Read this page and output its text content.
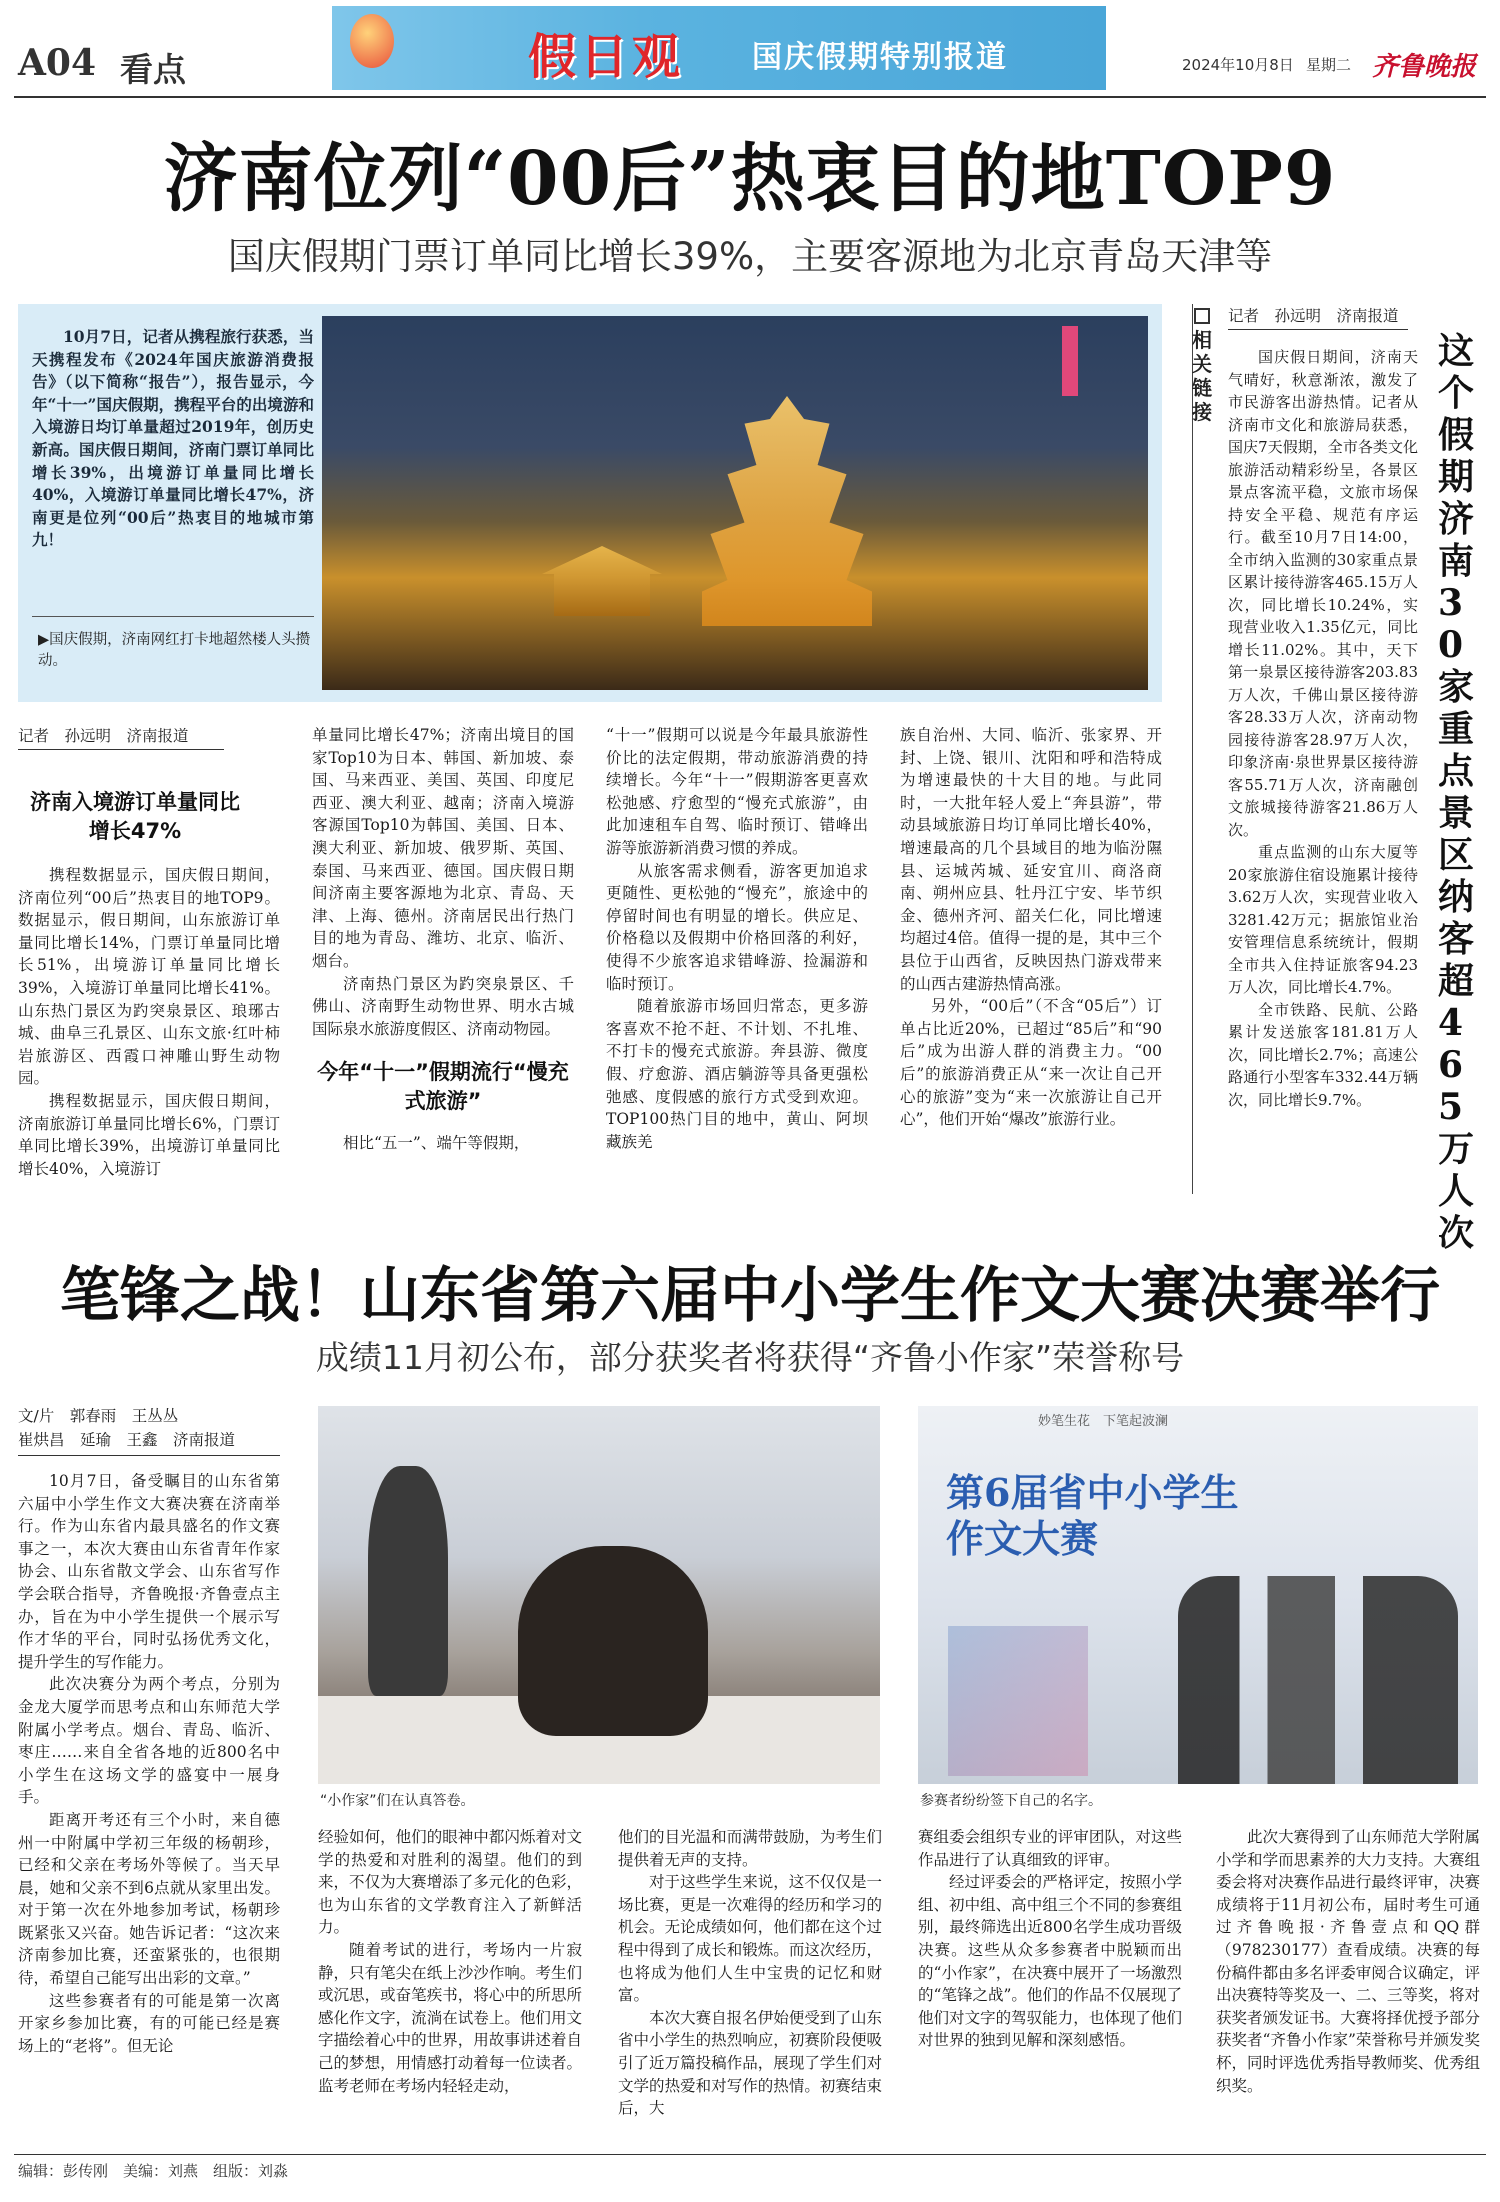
A04 看点	假日观 国庆假期特别报道	2024年10月8日 星期二 齐鲁晚报
济南位列“00后”热衷目的地TOP9
国庆假期门票订单同比增长39%，主要客源地为北京青岛天津等

10月7日，记者从携程旅行获悉，当天携程发布《2024年国庆旅游消费报告》（以下简称“报告”），报告显示，今年“十一”国庆假期，携程平台的出境游和入境游日均订单量超过2019年，创历史新高。国庆假日期间，济南门票订单同比增长39%，出境游订单量同比增长40%，入境游订单量同比增长47%，济南更是位列“00后”热衷目的地城市第九！

▶国庆假期，济南网红打卡地超然楼人头攒动。

记者　孙远明　济南报道
济南入境游订单量同比增长47%

携程数据显示，国庆假日期间，济南位列“00后”热衷目的地TOP9。数据显示，假日期间，山东旅游订单量同比增长14%，门票订单量同比增长51%，出境游订单量同比增长39%，入境游订单量同比增长41%。山东热门景区为趵突泉景区、琅琊古城、曲阜三孔景区、山东文旅·红叶柿岩旅游区、西霞口神雕山野生动物园。

携程数据显示，国庆假日期间，济南旅游订单量同比增长6%，门票订单同比增长39%，出境游订单量同比增长40%，入境游订

单量同比增长47%；济南出境目的国家Top10为日本、韩国、新加坡、泰国、马来西亚、美国、英国、印度尼西亚、澳大利亚、越南；济南入境游客源国Top10为韩国、美国、日本、澳大利亚、新加坡、俄罗斯、英国、泰国、马来西亚、德国。国庆假日期间济南主要客源地为北京、青岛、天津、上海、德州。济南居民出行热门目的地为青岛、潍坊、北京、临沂、烟台。

济南热门景区为趵突泉景区、千佛山、济南野生动物世界、明水古城国际泉水旅游度假区、济南动物园。

今年“十一”假期流行“慢充式旅游”

相比“五一”、端午等假期，

“十一”假期可以说是今年最具旅游性价比的法定假期，带动旅游消费的持续增长。今年“十一”假期游客更喜欢松弛感、疗愈型的“慢充式旅游”，由此加速租车自驾、临时预订、错峰出游等旅游新消费习惯的养成。

从旅客需求侧看，游客更加追求更随性、更松弛的“慢充”，旅途中的停留时间也有明显的增长。供应足、价格稳以及假期中价格回落的利好，使得不少旅客追求错峰游、捡漏游和临时预订。

随着旅游市场回归常态，更多游客喜欢不抢不赶、不计划、不扎堆、不打卡的慢充式旅游。奔县游、微度假、疗愈游、酒店躺游等具备更强松弛感、度假感的旅行方式受到欢迎。TOP100热门目的地中，黄山、阿坝藏族羌

族自治州、大同、临沂、张家界、开封、上饶、银川、沈阳和呼和浩特成为增速最快的十大目的地。与此同时，一大批年轻人爱上“奔县游”，带动县域旅游日均订单同比增长40%，增速最高的几个县域目的地为临汾隰县、运城芮城、延安宜川、商洛商南、朔州应县、牡丹江宁安、毕节织金、德州齐河、韶关仁化，同比增速均超过4倍。值得一提的是，其中三个县位于山西省，反映因热门游戏带来的山西古建游热情高涨。

另外，“00后”（不含“05后”）订单占比近20%，已超过“85后”和“90后”成为出游人群的消费主力。“00后”的旅游消费正从“来一次让自己开心的旅游”变为“来一次旅游让自己开心”，他们开始“爆改”旅游行业。

相关链接
记者　孙远明　济南报道

国庆假日期间，济南天气晴好，秋意渐浓，激发了市民游客出游热情。记者从济南市文化和旅游局获悉，国庆7天假期，全市各类文化旅游活动精彩纷呈，各景区景点客流平稳，文旅市场保持安全平稳、规范有序运行。截至10月7日14:00，全市纳入监测的30家重点景区累计接待游客465.15万人次，同比增长10.24%，实现营业收入1.35亿元，同比增长11.02%。其中，天下第一泉景区接待游客203.83万人次，千佛山景区接待游客28.33万人次，济南动物园接待游客28.97万人次，印象济南·泉世界景区接待游客55.71万人次，济南融创文旅城接待游客21.86万人次。

重点监测的山东大厦等20家旅游住宿设施累计接待3.62万人次，实现营业收入3281.42万元；据旅馆业治安管理信息系统统计，假期全市共入住持证旅客94.23万人次，同比增长4.7%。

全市铁路、民航、公路累计发送旅客181.81万人次，同比增长2.7%；高速公路通行小型客车332.44万辆次，同比增长9.7%。

这个假期济南30家重点景区纳客超465万人次
笔锋之战！山东省第六届中小学生作文大赛决赛举行
成绩11月初公布，部分获奖者将获得“齐鲁小作家”荣誉称号
文/片　郭春雨　王丛丛
崔烘昌　延瑜　王鑫　济南报道

10月7日，备受瞩目的山东省第六届中小学生作文大赛决赛在济南举行。作为山东省内最具盛名的作文赛事之一，本次大赛由山东省青年作家协会、山东省散文学会、山东省写作学会联合指导，齐鲁晚报·齐鲁壹点主办，旨在为中小学生提供一个展示写作才华的平台，同时弘扬优秀文化，提升学生的写作能力。

此次决赛分为两个考点，分别为金龙大厦学而思考点和山东师范大学附属小学考点。烟台、青岛、临沂、枣庄……来自全省各地的近800名中小学生在这场文学的盛宴中一展身手。

距离开考还有三个小时，来自德州一中附属中学初三年级的杨朝珍，已经和父亲在考场外等候了。当天早晨，她和父亲不到6点就从家里出发。对于第一次在外地参加考试，杨朝珍既紧张又兴奋。她告诉记者：“这次来济南参加比赛，还蛮紧张的，也很期待，希望自己能写出出彩的文章。”

这些参赛者有的可能是第一次离开家乡参加比赛，有的可能已经是赛场上的“老将”。但无论

“小作家”们在认真答卷。
妙笔生花　下笔起波澜
第6届省中小学生作文大赛
参赛者纷纷签下自己的名字。

经验如何，他们的眼神中都闪烁着对文学的热爱和对胜利的渴望。他们的到来，不仅为大赛增添了多元化的色彩，也为山东省的文学教育注入了新鲜活力。

随着考试的进行，考场内一片寂静，只有笔尖在纸上沙沙作响。考生们或沉思，或奋笔疾书，将心中的所思所感化作文字，流淌在试卷上。他们用文字描绘着心中的世界，用故事讲述着自己的梦想，用情感打动着每一位读者。监考老师在考场内轻轻走动，

他们的目光温和而满带鼓励，为考生们提供着无声的支持。

对于这些学生来说，这不仅仅是一场比赛，更是一次难得的经历和学习的机会。无论成绩如何，他们都在这个过程中得到了成长和锻炼。而这次经历，也将成为他们人生中宝贵的记忆和财富。

本次大赛自报名伊始便受到了山东省中小学生的热烈响应，初赛阶段便吸引了近万篇投稿作品，展现了学生们对文学的热爱和对写作的热情。初赛结束后，大

赛组委会组织专业的评审团队，对这些作品进行了认真细致的评审。

经过评委会的严格评定，按照小学组、初中组、高中组三个不同的参赛组别，最终筛选出近800名学生成功晋级决赛。这些从众多参赛者中脱颖而出的“小作家”，在决赛中展开了一场激烈的“笔锋之战”。他们的作品不仅展现了他们对文字的驾驭能力，也体现了他们对世界的独到见解和深刻感悟。

此次大赛得到了山东师范大学附属小学和学而思素养的大力支持。大赛组委会将对决赛作品进行最终评审，决赛成绩将于11月初公布，届时考生可通过齐鲁晚报·齐鲁壹点和QQ群（978230177）查看成绩。决赛的每份稿件都由多名评委审阅合议确定，评出决赛特等奖及一、二、三等奖，将对获奖者颁发证书。大赛将择优授予部分获奖者“齐鲁小作家”荣誉称号并颁发奖杯，同时评选优秀指导教师奖、优秀组织奖。

编辑：彭传刚　美编：刘燕　组版：刘淼
